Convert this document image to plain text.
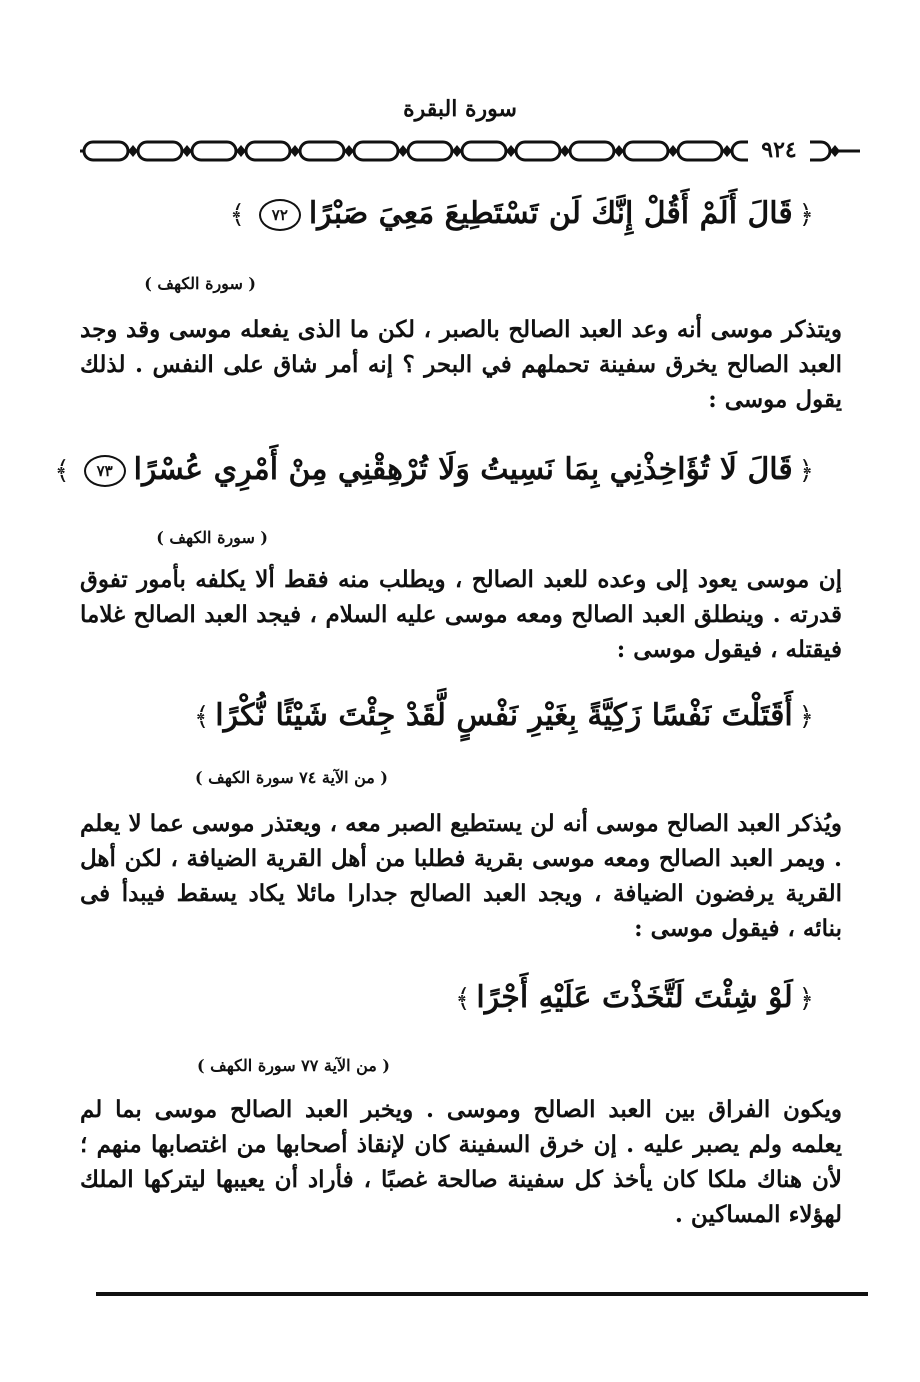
سورة البقرة
٩٢٤
﴿قَالَ أَلَمْ أَقُلْ إِنَّكَ لَن تَسْتَطِيعَ مَعِيَ صَبْرًا٧٢﴾
( سورة الكهف )
ويتذكر موسى أنه وعد العبد الصالح بالصبر ، لكن ما الذى يفعله موسى وقد وجد العبد الصالح يخرق سفينة تحملهم في البحر ؟ إنه أمر شاق على النفس . لذلك يقول موسى :
﴿قَالَ لَا تُؤَاخِذْنِي بِمَا نَسِيتُ وَلَا تُرْهِقْنِي مِنْ أَمْرِي عُسْرًا٧٣﴾
( سورة الكهف )
إن موسى يعود إلى وعده للعبد الصالح ، ويطلب منه فقط ألا يكلفه بأمور تفوق قدرته . وينطلق العبد الصالح ومعه موسى عليه السلام ، فيجد العبد الصالح غلاما فيقتله ، فيقول موسى :
﴿أَقَتَلْتَ نَفْسًا زَكِيَّةً بِغَيْرِ نَفْسٍ لَّقَدْ جِئْتَ شَيْئًا نُّكْرًا﴾
( من الآية ٧٤ سورة الكهف )
ويُذكر العبد الصالح موسى أنه لن يستطيع الصبر معه ، ويعتذر موسى عما لا يعلم . ويمر العبد الصالح ومعه موسى بقرية فطلبا من أهل القرية الضيافة ، لكن أهل القرية يرفضون الضيافة ، ويجد العبد الصالح جدارا مائلا يكاد يسقط فيبدأ فى بنائه ، فيقول موسى :
﴿لَوْ شِئْتَ لَتَّخَذْتَ عَلَيْهِ أَجْرًا﴾
( من الآية ٧٧ سورة الكهف )
ويكون الفراق بين العبد الصالح وموسى . ويخبر العبد الصالح موسى بما لم يعلمه ولم يصبر عليه . إن خرق السفينة كان لإنقاذ أصحابها من اغتصابها منهم ؛ لأن هناك ملكا كان يأخذ كل سفينة صالحة غصبًا ، فأراد أن يعيبها ليتركها الملك لهؤلاء المساكين .
